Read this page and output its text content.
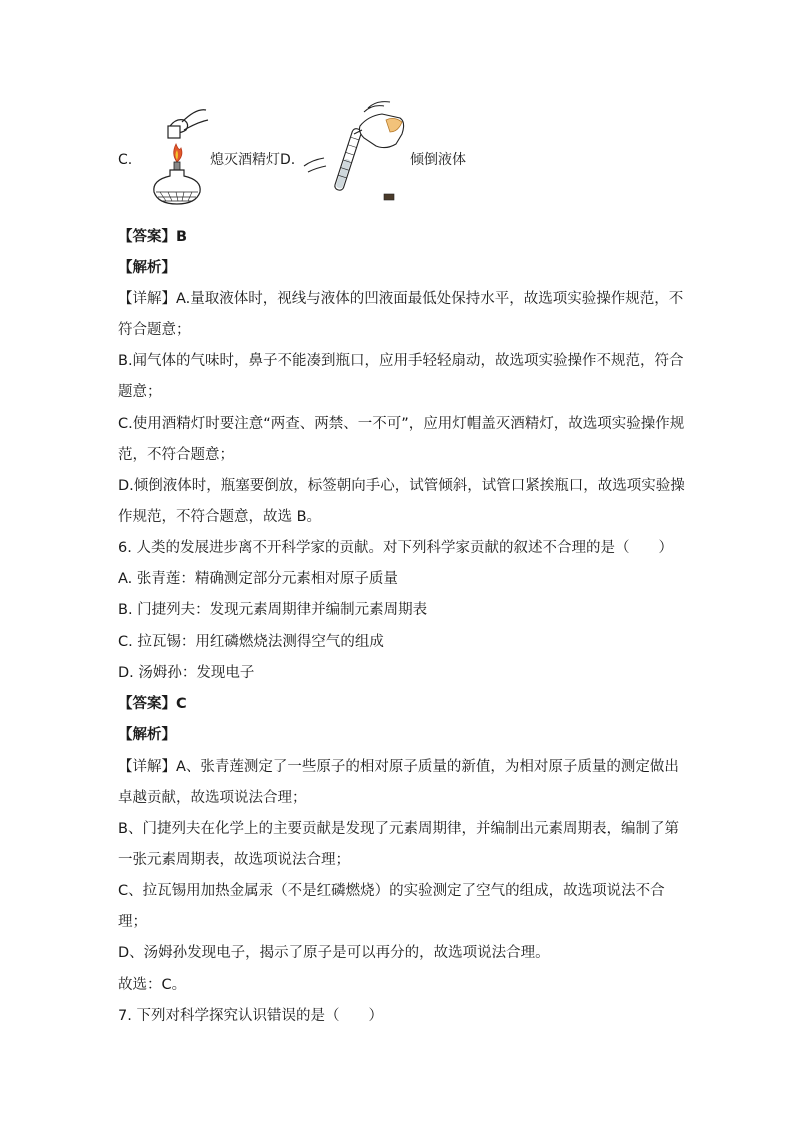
C.	熄灭酒精灯 D.	倾倒液体
【答案】B
【解析】
【详解】A.量取液体时，视线与液体的凹液面最低处保持水平，故选项实验操作规范，不
符合题意；
B.闻气体的气味时，鼻子不能凑到瓶口，应用手轻轻扇动，故选项实验操作不规范，符合
题意；
C.使用酒精灯时要注意“两查、两禁、一不可”，应用灯帽盖灭酒精灯，故选项实验操作规
范，不符合题意；
D.倾倒液体时，瓶塞要倒放，标签朝向手心，试管倾斜，试管口紧挨瓶口，故选项实验操
作规范，不符合题意，故选 B。
6. 人类的发展进步离不开科学家的贡献。对下列科学家贡献的叙述不合理的是（　　）
A. 张青莲：精确测定部分元素相对原子质量
B. 门捷列夫：发现元素周期律并编制元素周期表
C. 拉瓦锡：用红磷燃烧法测得空气的组成
D. 汤姆孙：发现电子
【答案】C
【解析】
【详解】A、张青莲测定了一些原子的相对原子质量的新值，为相对原子质量的测定做出
卓越贡献，故选项说法合理；
B、门捷列夫在化学上的主要贡献是发现了元素周期律，并编制出元素周期表，编制了第
一张元素周期表，故选项说法合理；
C、拉瓦锡用加热金属汞（不是红磷燃烧）的实验测定了空气的组成，故选项说法不合
理；
D、汤姆孙发现电子，揭示了原子是可以再分的，故选项说法合理。
故选：C。
7. 下列对科学探究认识错误的是（　　）
